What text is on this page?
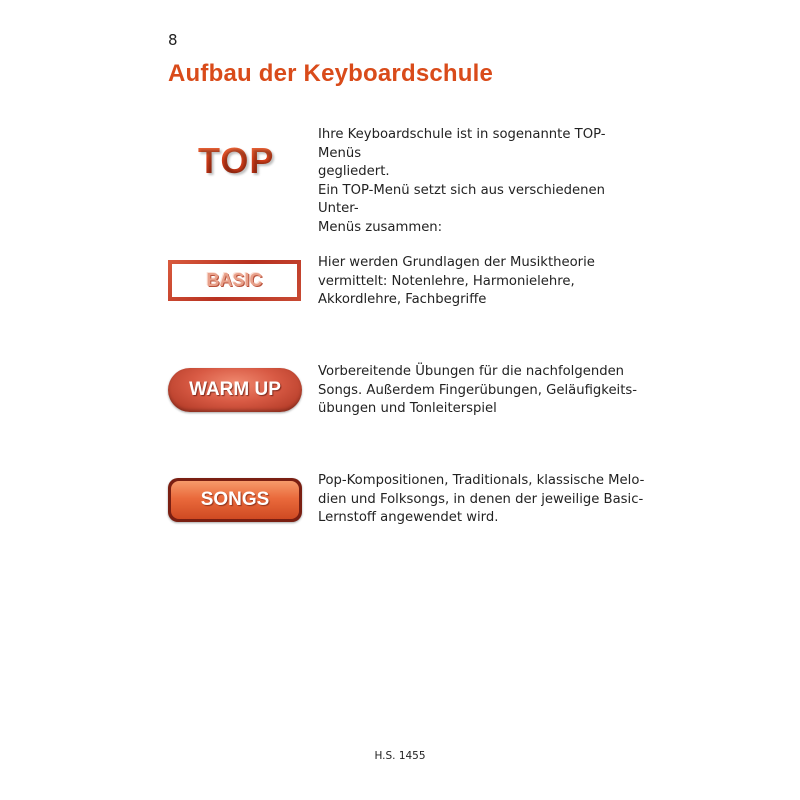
8
Aufbau der Keyboardschule
TOP

Ihre Keyboardschule ist in sogenannte TOP-Menüs

gegliedert.

Ein TOP-Menü setzt sich aus verschiedenen Unter-

Menüs zusammen:

BASIC

Hier werden Grundlagen der Musiktheorie

vermittelt: Notenlehre, Harmonielehre,

Akkordlehre, Fachbegriffe

WARM UP

Vorbereitende Übungen für die nachfolgenden

Songs. Außerdem Fingerübungen, Geläufigkeits-

übungen und Tonleiterspiel

SONGS

Pop-Kompositionen, Traditionals, klassische Melo-

dien und Folksongs, in denen der jeweilige Basic-

Lernstoff angewendet wird.

H.S. 1455
